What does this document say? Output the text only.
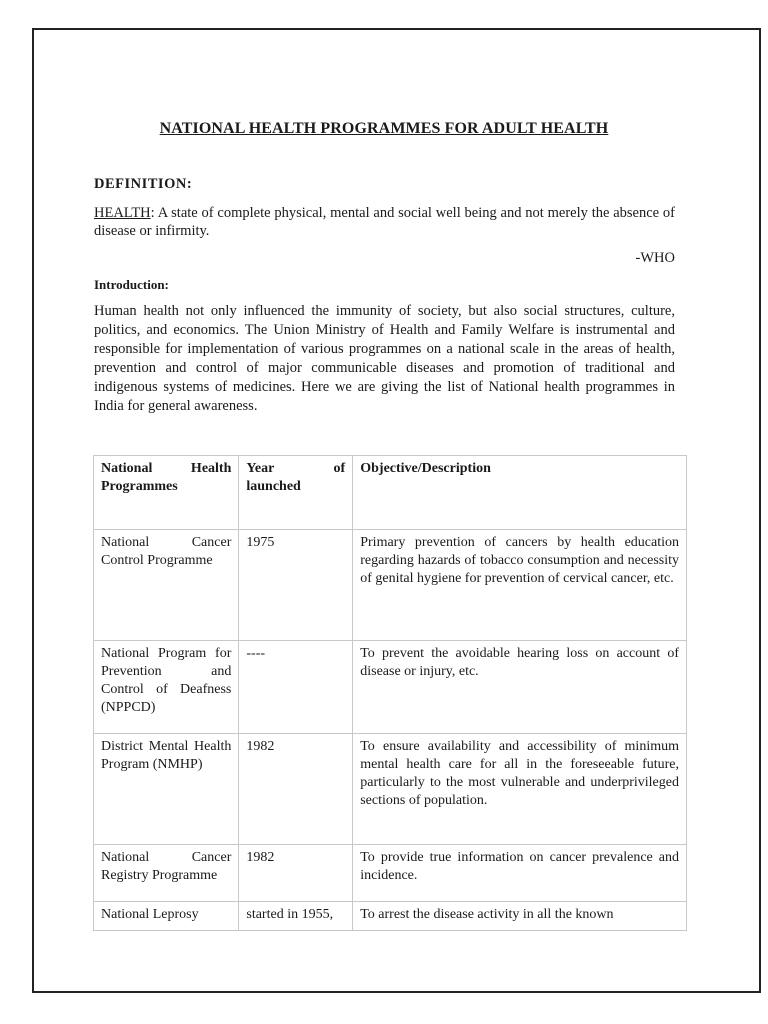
NATIONAL HEALTH PROGRAMMES FOR ADULT HEALTH
DEFINITION:
HEALTH: A state of complete physical, mental and social well being and not merely the absence of disease or infirmity.
-WHO
Introduction:
Human health not only influenced the immunity of society, but also social structures, culture, politics, and economics. The Union Ministry of Health and Family Welfare is instrumental and responsible for implementation of various programmes on a national scale in the areas of health, prevention and control of major communicable diseases and promotion of traditional and indigenous systems of medicines. Here we are giving the list of National health programmes in India for general awareness.
National Health Programmes	Year of launched	Objective/Description
National Cancer Control Programme	1975	Primary prevention of cancers by health education regarding hazards of tobacco consumption and necessity of genital hygiene for prevention of cervical cancer, etc.
National Program for Prevention and Control of Deafness (NPPCD)	----	To prevent the avoidable hearing loss on account of disease or injury, etc.
District Mental Health Program (NMHP)	1982	To ensure availability and accessibility of minimum mental health care for all in the foreseeable future, particularly to the most vulnerable and underprivileged sections of population.
National Cancer Registry Programme	1982	To provide true information on cancer prevalence and incidence.
National Leprosy	started in 1955,	To arrest the disease activity in all the known
